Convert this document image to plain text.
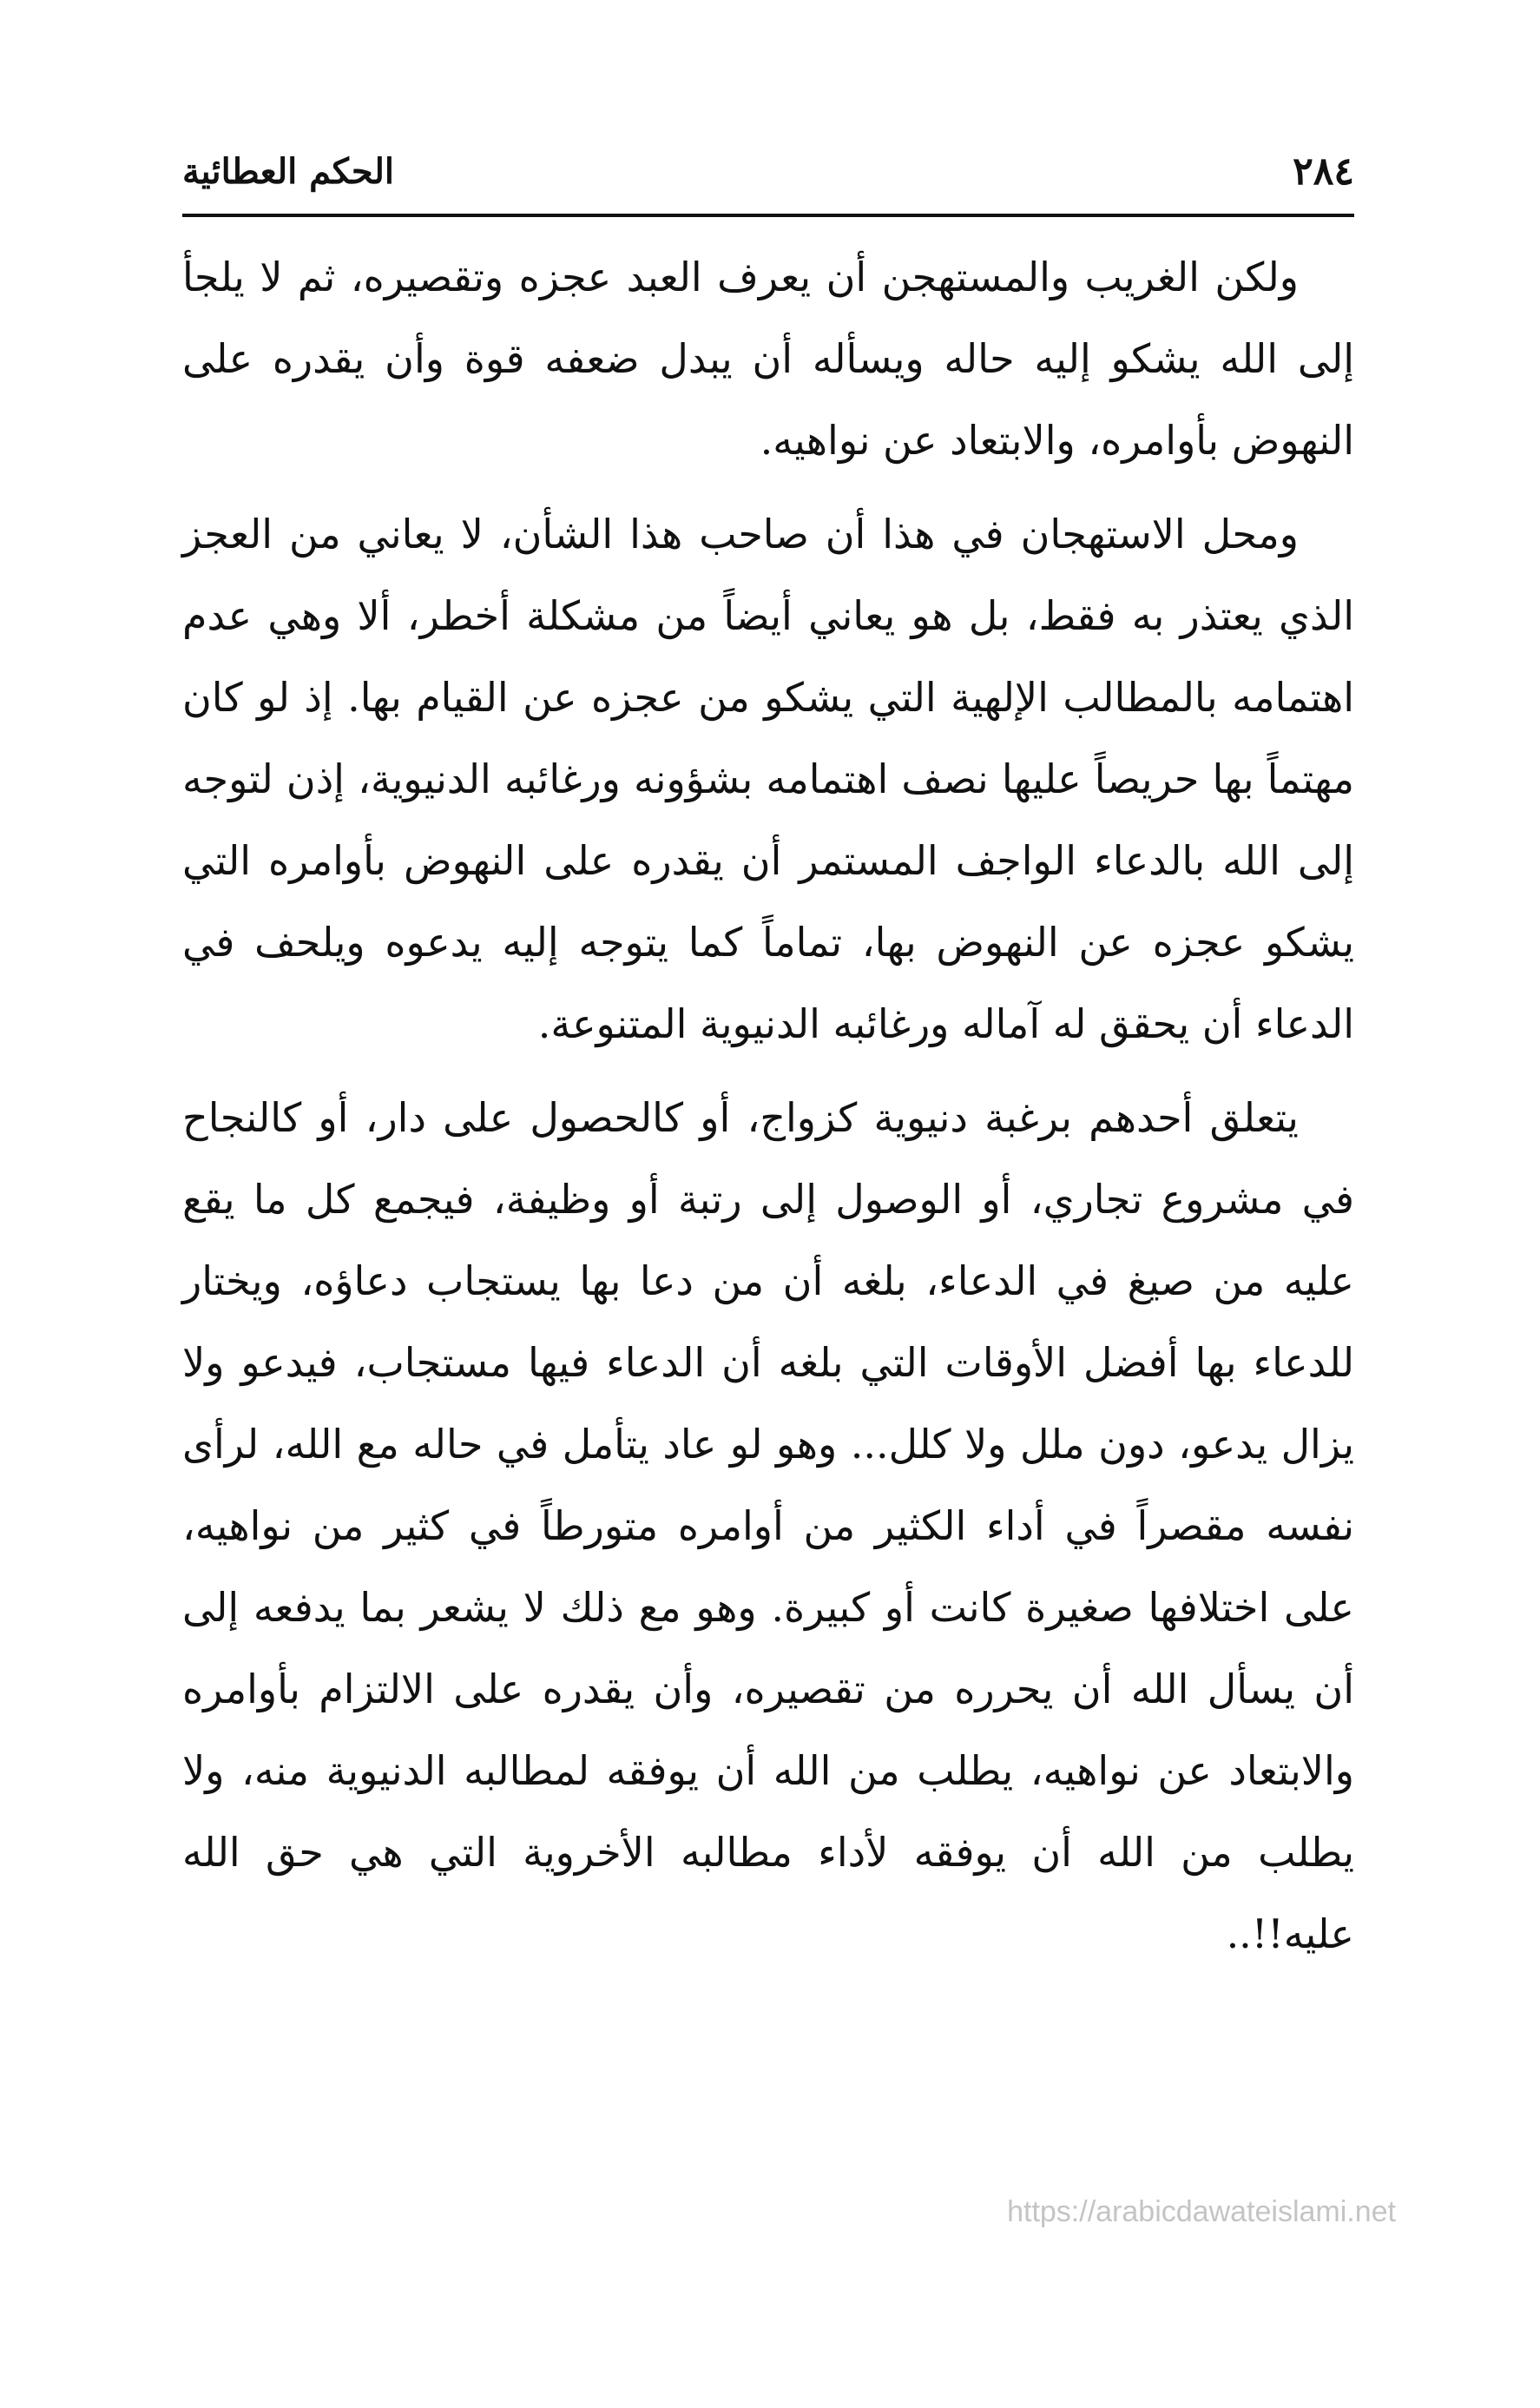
٢٨٤
الحكم العطائية

ولكن الغريب والمستهجن أن يعرف العبد عجزه وتقصيره، ثم لا يلجأ إلى الله يشكو إليه حاله ويسأله أن يبدل ضعفه قوة وأن يقدره على النهوض بأوامره، والابتعاد عن نواهيه.

ومحل الاستهجان في هذا أن صاحب هذا الشأن، لا يعاني من العجز الذي يعتذر به فقط، بل هو يعاني أيضاً من مشكلة أخطر، ألا وهي عدم اهتمامه بالمطالب الإلهية التي يشكو من عجزه عن القيام بها. إذ لو كان مهتماً بها حريصاً عليها نصف اهتمامه بشؤونه ورغائبه الدنيوية، إذن لتوجه إلى الله بالدعاء الواجف المستمر أن يقدره على النهوض بأوامره التي يشكو عجزه عن النهوض بها، تماماً كما يتوجه إليه يدعوه ويلحف في الدعاء أن يحقق له آماله ورغائبه الدنيوية المتنوعة.

يتعلق أحدهم برغبة دنيوية كزواج، أو كالحصول على دار، أو كالنجاح في مشروع تجاري، أو الوصول إلى رتبة أو وظيفة، فيجمع كل ما يقع عليه من صيغ في الدعاء، بلغه أن من دعا بها يستجاب دعاؤه، ويختار للدعاء بها أفضل الأوقات التي بلغه أن الدعاء فيها مستجاب، فيدعو ولا يزال يدعو، دون ملل ولا كلل... وهو لو عاد يتأمل في حاله مع الله، لرأى نفسه مقصراً في أداء الكثير من أوامره متورطاً في كثير من نواهيه، على اختلافها صغيرة كانت أو كبيرة. وهو مع ذلك لا يشعر بما يدفعه إلى أن يسأل الله أن يحرره من تقصيره، وأن يقدره على الالتزام بأوامره والابتعاد عن نواهيه، يطلب من الله أن يوفقه لمطالبه الدنيوية منه، ولا يطلب من الله أن يوفقه لأداء مطالبه الأخروية التي هي حق الله عليه!!..

https://arabicdawateislami.net
